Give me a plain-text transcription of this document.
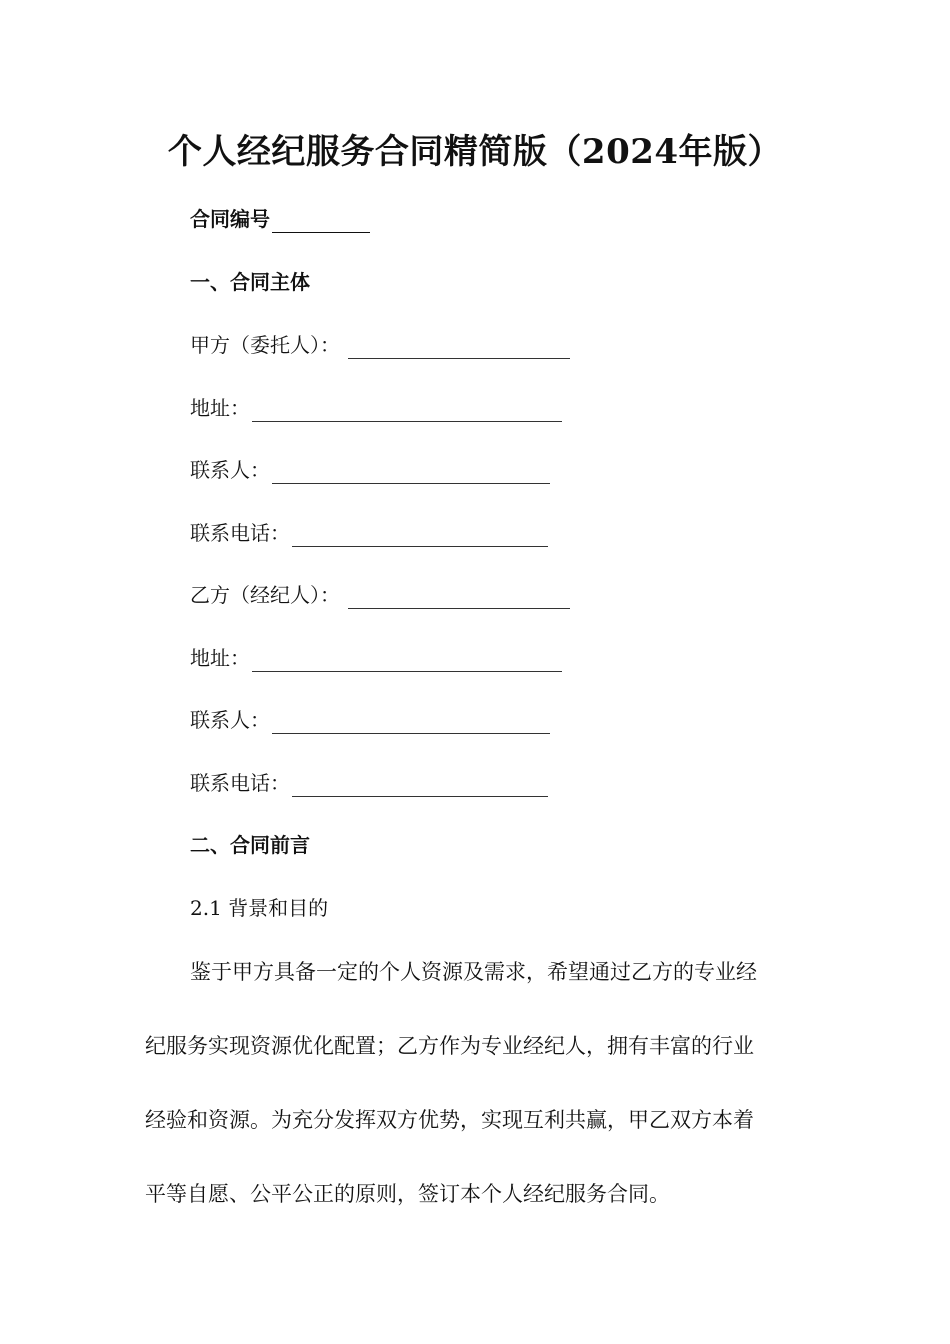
个人经纪服务合同精简版（2024年版）
合同编号
一、合同主体
甲方（委托人）：
地址：
联系人：
联系电话：
乙方（经纪人）：
地址：
联系人：
联系电话：
二、合同前言
2.1 背景和目的
鉴于甲方具备一定的个人资源及需求，希望通过乙方的专业经
纪服务实现资源优化配置；乙方作为专业经纪人，拥有丰富的行业
经验和资源。为充分发挥双方优势，实现互利共赢，甲乙双方本着
平等自愿、公平公正的原则，签订本个人经纪服务合同。
